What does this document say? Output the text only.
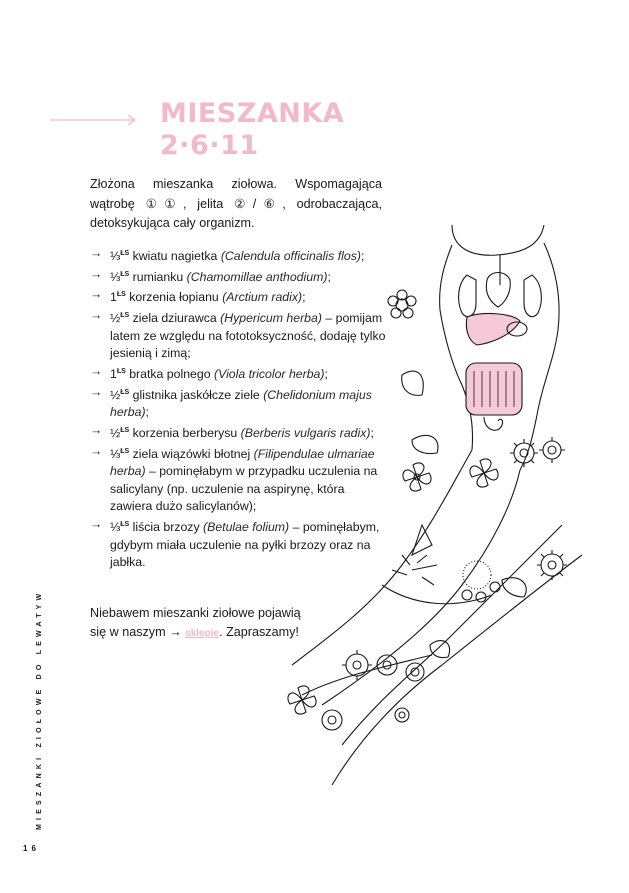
MIESZANKA
2·6·11

Złożona mieszanka ziołowa. Wspomagająca wątrobę ①①, jelita ②/⑥, odrobaczająca, detoksykująca cały organizm.

→ ⅓$^{ŁS}$ kwiatu nagietka (Calendula officinalis flos);
→ ⅓$^{ŁS}$ rumianku (Chamomillae anthodium);
→ $1^{ŁS}$ korzenia łopianu (Arctium radix);
→ ½$^{ŁS}$ ziela dziurawca (Hypericum herba) – pomijam latem ze względu na fototoksyczność, dodaję tylko jesienią i zimą;
→ $1^{ŁS}$ bratka polnego (Viola tricolor herba);
→ ½$^{ŁS}$ glistnika jaskółcze ziele (Chelidonium majus herba);
→ ½$^{ŁS}$ korzenia berberysu (Berberis vulgaris radix);
→ ⅓$^{ŁS}$ ziela wiązówki błotnej (Filipendulae ulmariae herba) – pominęłabym w przypadku uczulenia na salicylany (np. uczulenie na aspirynę, która zawiera dużo salicylanów);
→ ⅓$^{ŁS}$ liścia brzozy (Betulae folium) – pominęłabym, gdybym miała uczulenie na pyłki brzozy oraz na jabłka.

Niebawem mieszanki ziołowe pojawią się w naszym → sklepie. Zapraszamy!

MIESZANKI ZIOŁOWE DO LEWATYW
16
